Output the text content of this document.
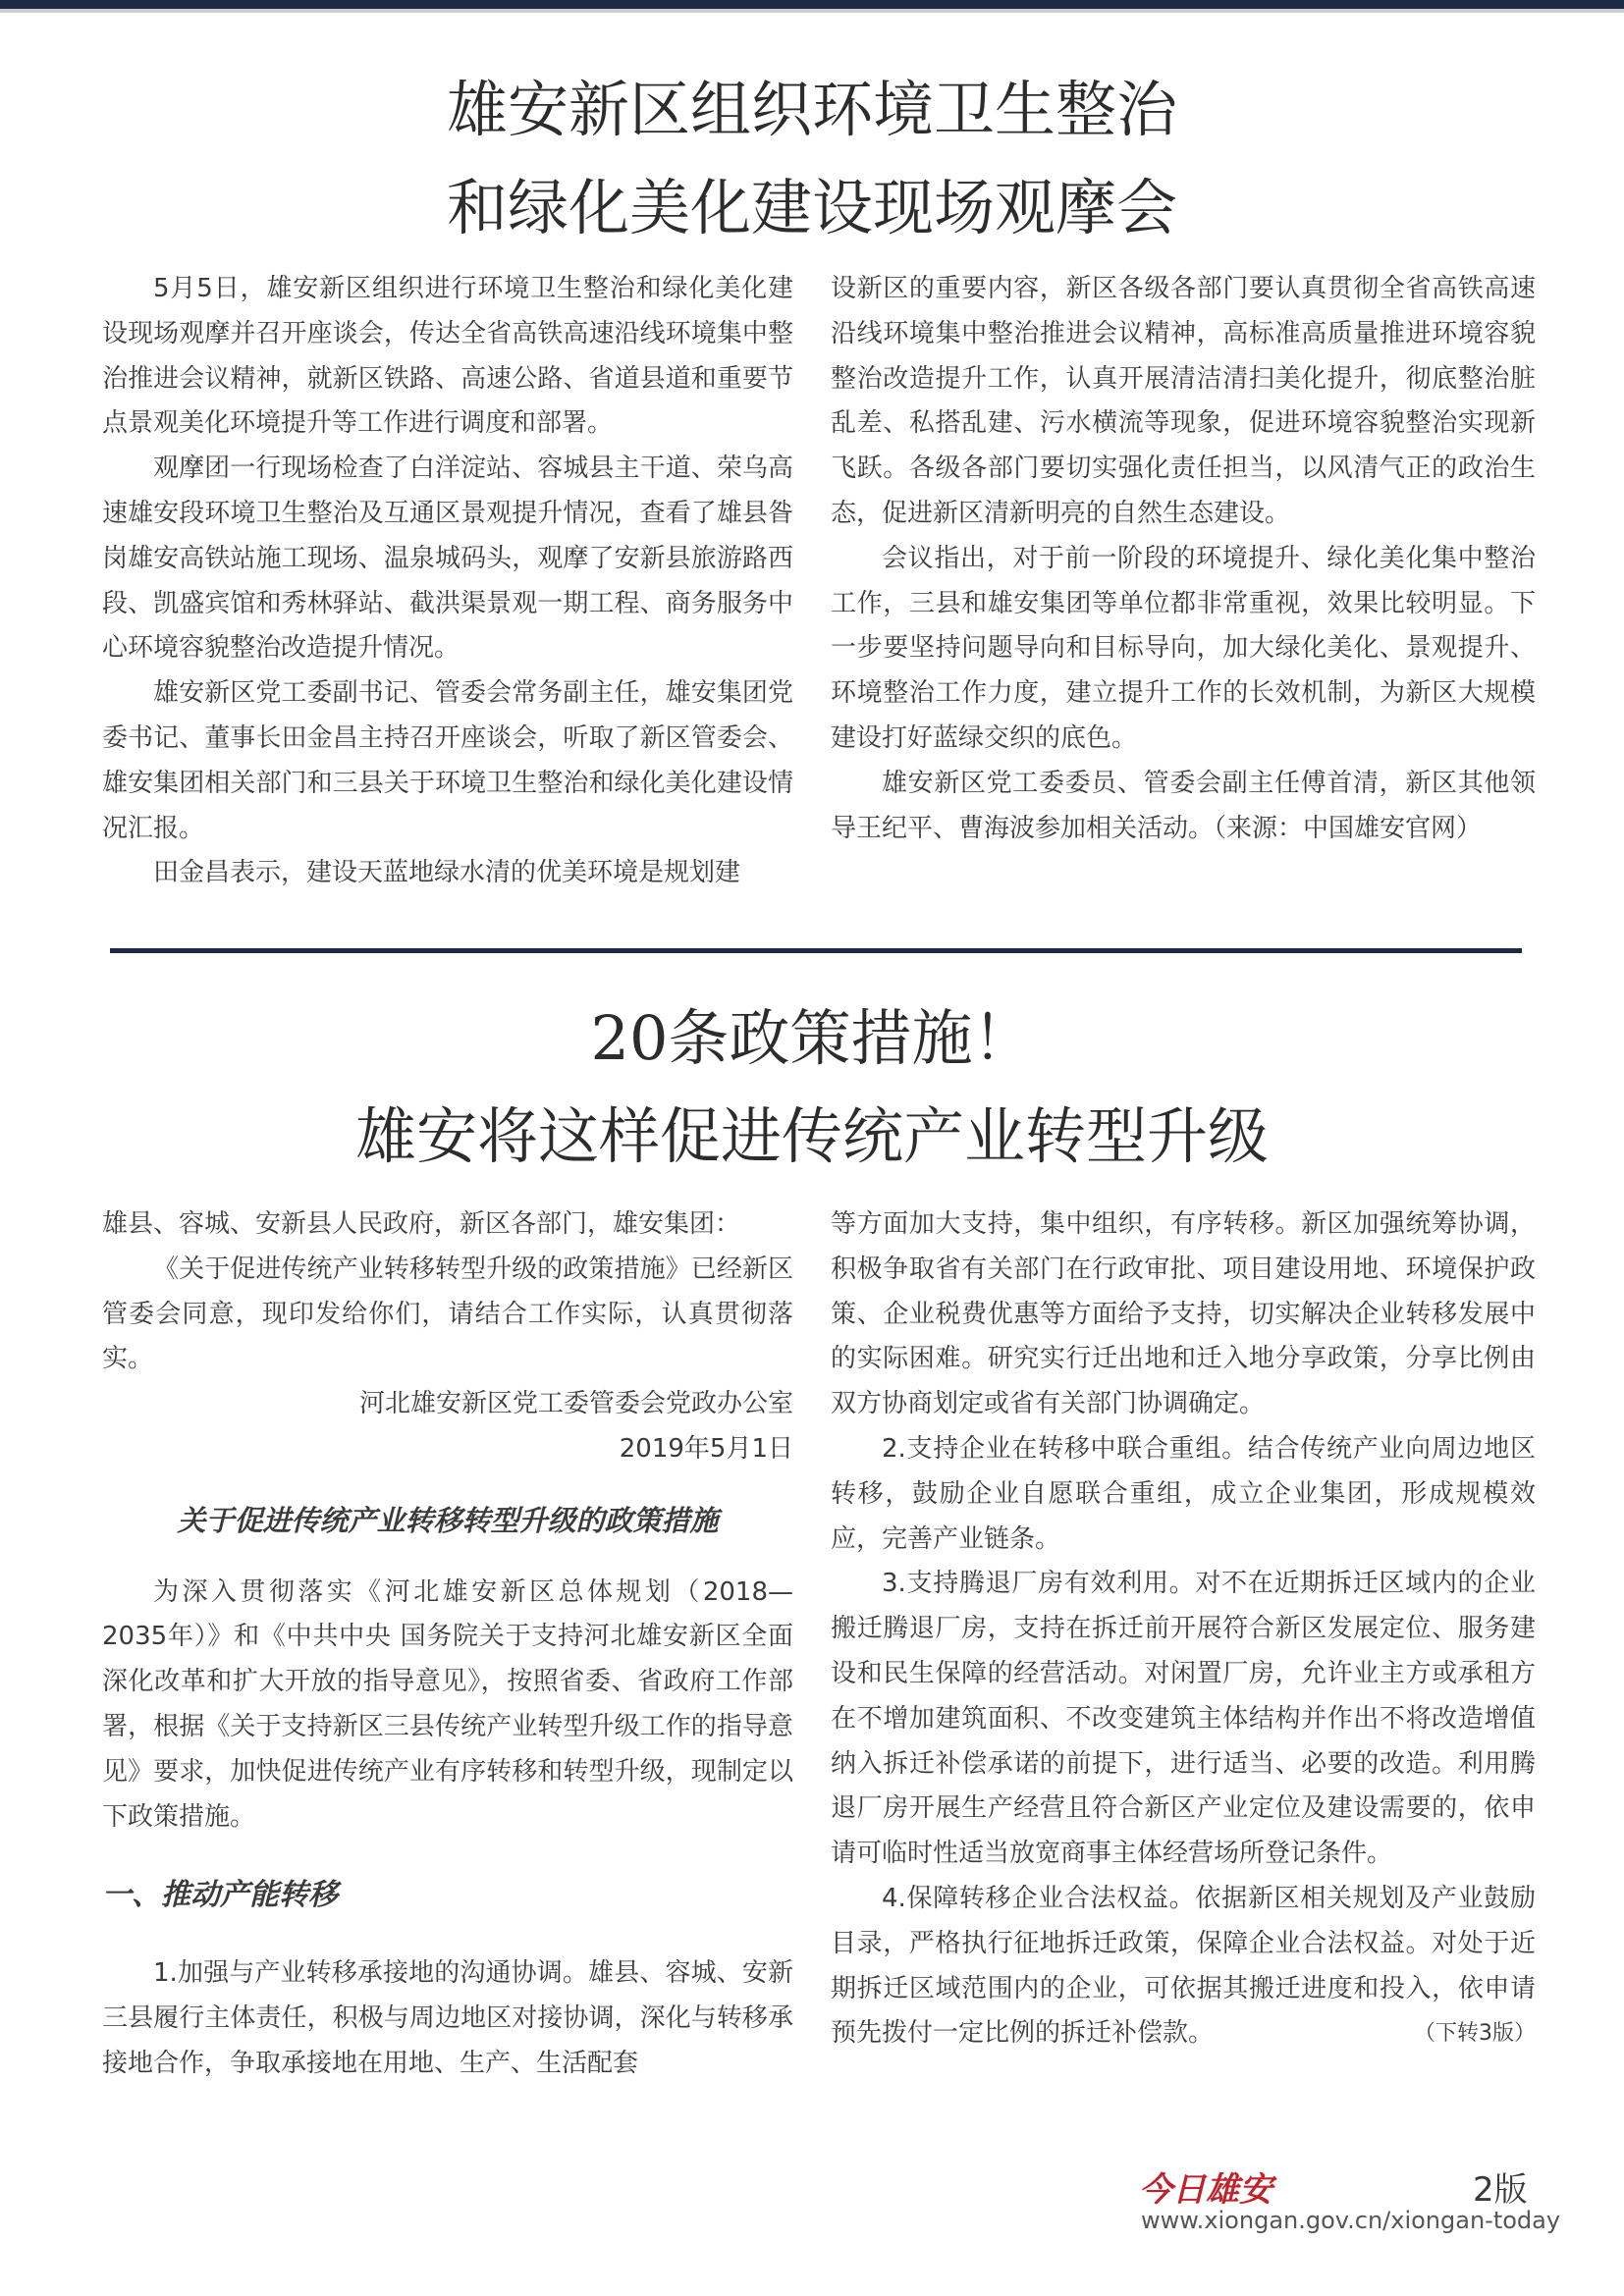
雄安新区组织环境卫生整治
和绿化美化建设现场观摩会

5月5日，雄安新区组织进行环境卫生整治和绿化美化建设现场观摩并召开座谈会，传达全省高铁高速沿线环境集中整治推进会议精神，就新区铁路、高速公路、省道县道和重要节点景观美化环境提升等工作进行调度和部署。

观摩团一行现场检查了白洋淀站、容城县主干道、荣乌高速雄安段环境卫生整治及互通区景观提升情况，查看了雄县昝岗雄安高铁站施工现场、温泉城码头，观摩了安新县旅游路西段、凯盛宾馆和秀林驿站、截洪渠景观一期工程、商务服务中心环境容貌整治改造提升情况。

雄安新区党工委副书记、管委会常务副主任，雄安集团党委书记、董事长田金昌主持召开座谈会，听取了新区管委会、雄安集团相关部门和三县关于环境卫生整治和绿化美化建设情况汇报。

田金昌表示，建设天蓝地绿水清的优美环境是规划建

设新区的重要内容，新区各级各部门要认真贯彻全省高铁高速沿线环境集中整治推进会议精神，高标准高质量推进环境容貌整治改造提升工作，认真开展清洁清扫美化提升，彻底整治脏乱差、私搭乱建、污水横流等现象，促进环境容貌整治实现新飞跃。各级各部门要切实强化责任担当，以风清气正的政治生态，促进新区清新明亮的自然生态建设。

会议指出，对于前一阶段的环境提升、绿化美化集中整治工作，三县和雄安集团等单位都非常重视，效果比较明显。下一步要坚持问题导向和目标导向，加大绿化美化、景观提升、环境整治工作力度，建立提升工作的长效机制，为新区大规模建设打好蓝绿交织的底色。

雄安新区党工委委员、管委会副主任傅首清，新区其他领导王纪平、曹海波参加相关活动。（来源：中国雄安官网）

20条政策措施！
雄安将这样促进传统产业转型升级

雄县、容城、安新县人民政府，新区各部门，雄安集团：

《关于促进传统产业转移转型升级的政策措施》已经新区管委会同意，现印发给你们，请结合工作实际，认真贯彻落实。

河北雄安新区党工委管委会党政办公室

2019年5月1日

关于促进传统产业转移转型升级的政策措施

为深入贯彻落实《河北雄安新区总体规划（2018—2035年）》和《中共中央 国务院关于支持河北雄安新区全面深化改革和扩大开放的指导意见》，按照省委、省政府工作部署，根据《关于支持新区三县传统产业转型升级工作的指导意见》要求，加快促进传统产业有序转移和转型升级，现制定以下政策措施。

一、推动产能转移

1.加强与产业转移承接地的沟通协调。雄县、容城、安新三县履行主体责任，积极与周边地区对接协调，深化与转移承接地合作，争取承接地在用地、生产、生活配套

等方面加大支持，集中组织，有序转移。新区加强统筹协调，积极争取省有关部门在行政审批、项目建设用地、环境保护政策、企业税费优惠等方面给予支持，切实解决企业转移发展中的实际困难。研究实行迁出地和迁入地分享政策，分享比例由双方协商划定或省有关部门协调确定。

2.支持企业在转移中联合重组。结合传统产业向周边地区转移，鼓励企业自愿联合重组，成立企业集团，形成规模效应，完善产业链条。

3.支持腾退厂房有效利用。对不在近期拆迁区域内的企业搬迁腾退厂房，支持在拆迁前开展符合新区发展定位、服务建设和民生保障的经营活动。对闲置厂房，允许业主方或承租方在不增加建筑面积、不改变建筑主体结构并作出不将改造增值纳入拆迁补偿承诺的前提下，进行适当、必要的改造。利用腾退厂房开展生产经营且符合新区产业定位及建设需要的，依申请可临时性适当放宽商事主体经营场所登记条件。

4.保障转移企业合法权益。依据新区相关规划及产业鼓励目录，严格执行征地拆迁政策，保障企业合法权益。对处于近期拆迁区域范围内的企业，可依据其搬迁进度和投入，依申请预先拨付一定比例的拆迁补偿款。	（下转3版）

今日雄安	2版
www.xiongan.gov.cn/xiongan-today
